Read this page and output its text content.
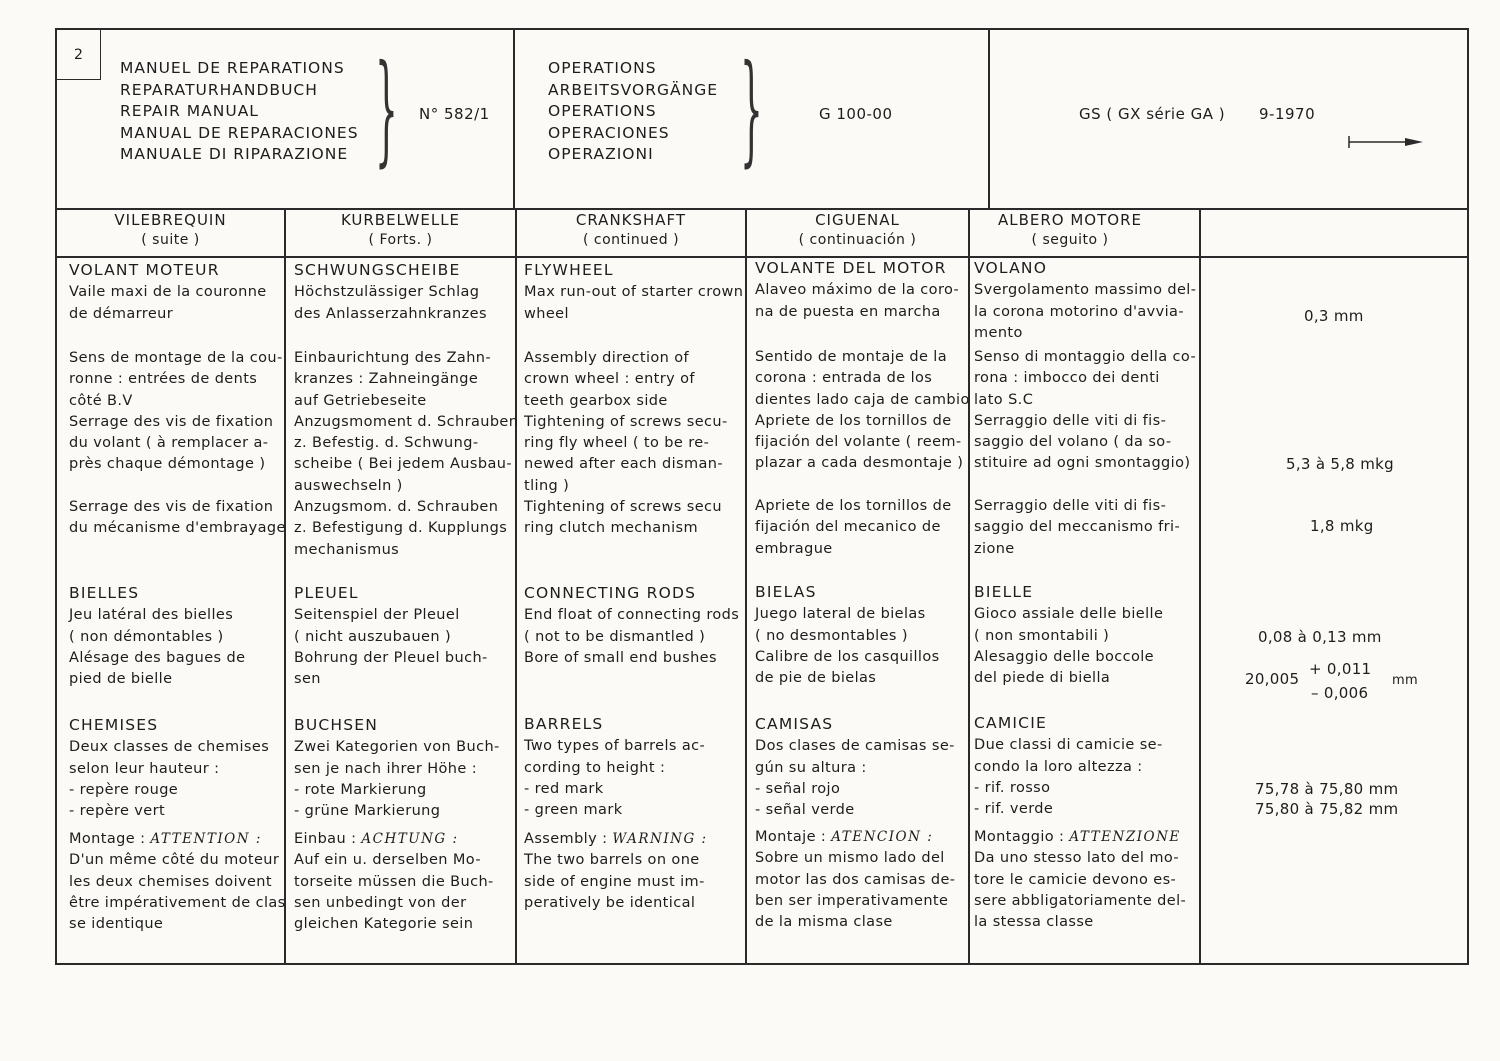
2
MANUEL DE REPARATIONS
REPARATURHANDBUCH
REPAIR MANUAL
MANUAL DE REPARACIONES
MANUALE DI RIPARAZIONE } N° 582/1
OPERATIONS
ARBEITSVORGÄNGE
OPERATIONS
OPERACIONES
OPERAZIONI }	G 100-00	GS ( GX série GA ) 9-1970
VILEBREQUIN
( suite )
KURBELWELLE
( Forts. )
CRANKSHAFT
( continued )
CIGUENAL
( continuación )
ALBERO MOTORE
( seguito )
VOLANT MOTEUR
Vaile maxi de la couronne
de démarreur
SCHWUNGSCHEIBE
Höchstzulässiger Schlag
des Anlasserzahnkranzes
FLYWHEEL
Max run-out of starter crown
wheel
VOLANTE DEL MOTOR
Alaveo máximo de la coro-
na de puesta en marcha
VOLANO
Svergolamento massimo del-
la corona motorino d'avvia-
mento
Sens de montage de la cou-
ronne : entrées de dents
côté B.V
Serrage des vis de fixation
du volant ( à remplacer a-
près chaque démontage )
Einbaurichtung des Zahn-
kranzes : Zahneingänge
auf Getriebeseite
Anzugsmoment d. Schrauben
z. Befestig. d. Schwung-
scheibe ( Bei jedem Ausbau-
auswechseln )
Assembly direction of
crown wheel : entry of
teeth gearbox side
Tightening of screws secu-
ring fly wheel ( to be re-
newed after each disman-
tling )
Sentido de montaje de la
corona : entrada de los
dientes lado caja de cambio
Apriete de los tornillos de
fijación del volante ( reem-
plazar a cada desmontaje )
Senso di montaggio della co-
rona : imbocco dei denti
lato S.C
Serraggio delle viti di fis-
saggio del volano ( da so-
stituire ad ogni smontaggio)
Serrage des vis de fixation
du mécanisme d'embrayage
Anzugsmom. d. Schrauben
z. Befestigung d. Kupplungs
mechanismus
Tightening of screws secu
ring clutch mechanism
Apriete de los tornillos de
fijación del mecanico de
embrague
Serraggio delle viti di fis-
saggio del meccanismo fri-
zione
BIELLES
Jeu latéral des bielles
( non démontables )
Alésage des bagues de
pied de bielle
PLEUEL
Seitenspiel der Pleuel
( nicht auszubauen )
Bohrung der Pleuel buch-
sen
CONNECTING RODS
End float of connecting rods
( not to be dismantled )
Bore of small end bushes
BIELAS
Juego lateral de bielas
( no desmontables )
Calibre de los casquillos
de pie de bielas
BIELLE
Gioco assiale delle bielle
( non smontabili )
Alesaggio delle boccole
del piede di biella
CHEMISES
Deux classes de chemises
selon leur hauteur :
- repère rouge
- repère vert
BUCHSEN
Zwei Kategorien von Buch-
sen je nach ihrer Höhe :
- rote Markierung
- grüne Markierung
BARRELS
Two types of barrels ac-
cording to height :
- red mark
- green mark
CAMISAS
Dos clases de camisas se-
gún su altura :
- señal rojo
- señal verde
CAMICIE
Due classi di camicie se-
condo la loro altezza :
- rif. rosso
- rif. verde
Montage : ATTENTION :
D'un même côté du moteur
les deux chemises doivent
être impérativement de clas
se identique
Einbau : ACHTUNG :
Auf ein u. derselben Mo-
torseite müssen die Buch-
sen unbedingt von der
gleichen Kategorie sein
Assembly : WARNING :
The two barrels on one
side of engine must im-
peratively be identical
Montaje : ATENCION :
Sobre un mismo lado del
motor las dos camisas de-
ben ser imperativamente
de la misma clase
Montaggio : ATTENZIONE
Da uno stesso lato del mo-
tore le camicie devono es-
sere abbligatoriamente del-
la stessa classe
0,3 mm
5,3 à 5,8 mkg
1,8 mkg
0,08 à 0,13 mm
20,005
+ 0,011
– 0,006
mm
75,78 à 75,80 mm
75,80 à 75,82 mm
